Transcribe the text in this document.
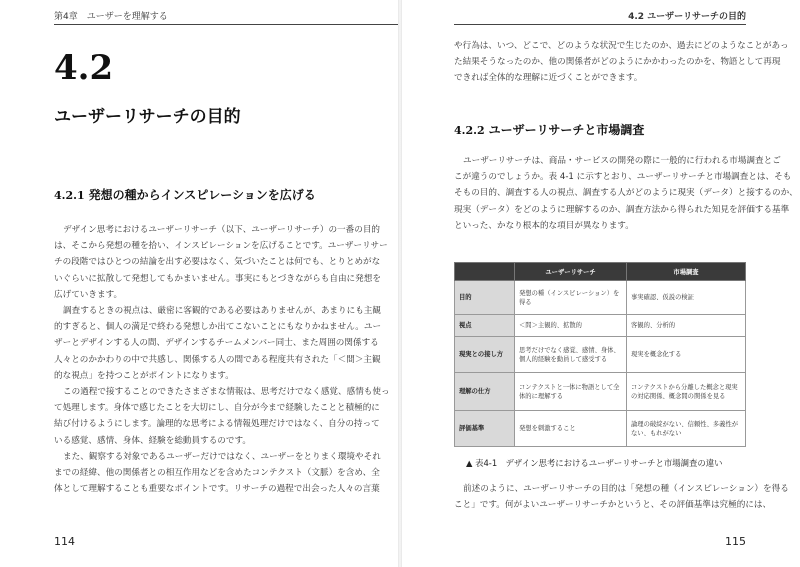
第4章　ユーザーを理解する
4.2
ユーザーリサーチの目的
4.2.1 発想の種からインスピレーションを広げる
デザイン思考におけるユーザーリサーチ（以下、ユーザーリサーチ）の一番の目的
は、そこから発想の種を拾い、インスピレーションを広げることです。ユーザーリサー
チの段階ではひとつの結論を出す必要はなく、気づいたことは何でも、とりとめがな
いぐらいに拡散して発想してもかまいません。事実にもとづきながらも自由に発想を
広げていきます。
調査するときの視点は、厳密に客観的である必要はありませんが、あまりにも主観
的すぎると、個人の満足で終わる発想しか出てこないことにもなりかねません。ユー
ザーとデザインする人の間、デザインするチームメンバー同士、また周囲の関係する
人々とのかかわりの中で共感し、関係する人の間である程度共有された「＜間＞主観
的な視点」を持つことがポイントになります。
この過程で接することのできたさまざまな情報は、思考だけでなく感覚、感情も使っ
て処理します。身体で感じたことを大切にし、自分が今まで経験したことと積極的に
結び付けるようにします。論理的な思考による情報処理だけではなく、自分の持って
いる感覚、感情、身体、経験を総動員するのです。
また、観察する対象であるユーザーだけではなく、ユーザーをとりまく環境やそれ
までの経緯、他の関係者との相互作用などを含めたコンテクスト（文脈）を含め、全
体として理解することも重要なポイントです。リサーチの過程で出会った人々の言葉
114
4.2 ユーザーリサーチの目的
や行為は、いつ、どこで、どのような状況で生じたのか、過去にどのようなことがあっ
た結果そうなったのか、他の関係者がどのようにかかわったのかを、物語として再現
できれば全体的な理解に近づくことができます。
4.2.2 ユーザーリサーチと市場調査
ユーザーリサーチは、商品・サービスの開発の際に一般的に行われる市場調査とご
こが違うのでしょうか。表 4-1 に示すとおり、ユーザーリサーチと市場調査とは、そも
そもの目的、調査する人の視点、調査する人がどのように現実（データ）と接するのか、
現実（データ）をどのように理解するのか、調査方法から得られた知見を評価する基準
といった、かなり根本的な項目が異なります。
前述のように、ユーザーリサーチの目的は「発想の種（インスピレーション）を得る
こと」です。何がよいユーザーリサーチかというと、その評価基準は究極的には、
115
	ユーザーリサーチ	市場調査
目的	発想の種（インスピレーション）を得る	事実確認、仮説の検証
視点	＜間＞主観的、拡散的	客観的、分析的
現実との接し方	思考だけでなく感覚、感情、身体、個人的経験を動員して感受する	現実を概念化する
理解の仕方	コンテクストと一体に物語として全体的に理解する	コンテクストから分離した概念と現実の対応関係、概念間の関係を見る
評価基準	発想を刺激すること	論理の破綻がない、信頼性、多義性がない、もれがない
▲ 表4-1　デザイン思考におけるユーザーリサーチと市場調査の違い
